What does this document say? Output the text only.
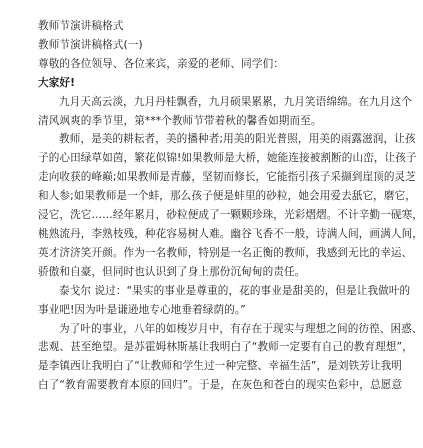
教师节演讲稿格式
教师节演讲稿格式(一)
尊敬的各位领导、各位来宾，亲爱的老师、同学们：
大家好!
九月天高云淡，九月丹桂飘香，九月硕果累累，九月笑语绵绵。在九月这个
清风飒爽的季节里，第***个教师节带着秋的馨香如期而至。
教师，是美的耕耘者，美的播种者;用美的阳光普照，用美的雨露滋润，让孩
子的心田绿草如茵，繁花似锦!如果教师是大桥，她能连接被割断的山峦，让孩子
走向收获的峰巅;如果教师是青藤，坚韧而修长，它能指引孩子采撷到崖顶的灵芝
和人参;如果教师是一个蚌，那么孩子便是蚌里的砂粒，她会用爱去舐它，磨它，
浸它，洗它……经年累月，砂粒便成了一颗颗珍珠，光彩熠熠。不计辛勤一砚寒，
桃熟流丹，李熟枝残，种花容易树人难。幽谷飞香不一般，诗满人间，画满人间，
英才济济笑开颜。作为一名教师，特别是一名正衡的教师，我感到无比的幸运、
骄傲和自豪，但同时也认识到了身上那份沉甸甸的责任。
泰戈尔 说过：“果实的事业是尊重的，花的事业是甜美的，但是让我做叶的
事业吧!因为叶是谦逊地专心地垂着绿荫的。”
为了叶的事业，八年的如梭岁月中，有存在于现实与理想之间的彷徨、困惑、
悲观、甚至绝望。是苏霍姆林斯基让我明白了“教师一定要有自己的教育理想”，
是李镇西让我明白了“让教师和学生过一种完整、幸福生活”，是刘铁芳让我明
白了“教育需要教育本原的回归”。于是，在灰色和苍白的现实色彩中，总愿意
